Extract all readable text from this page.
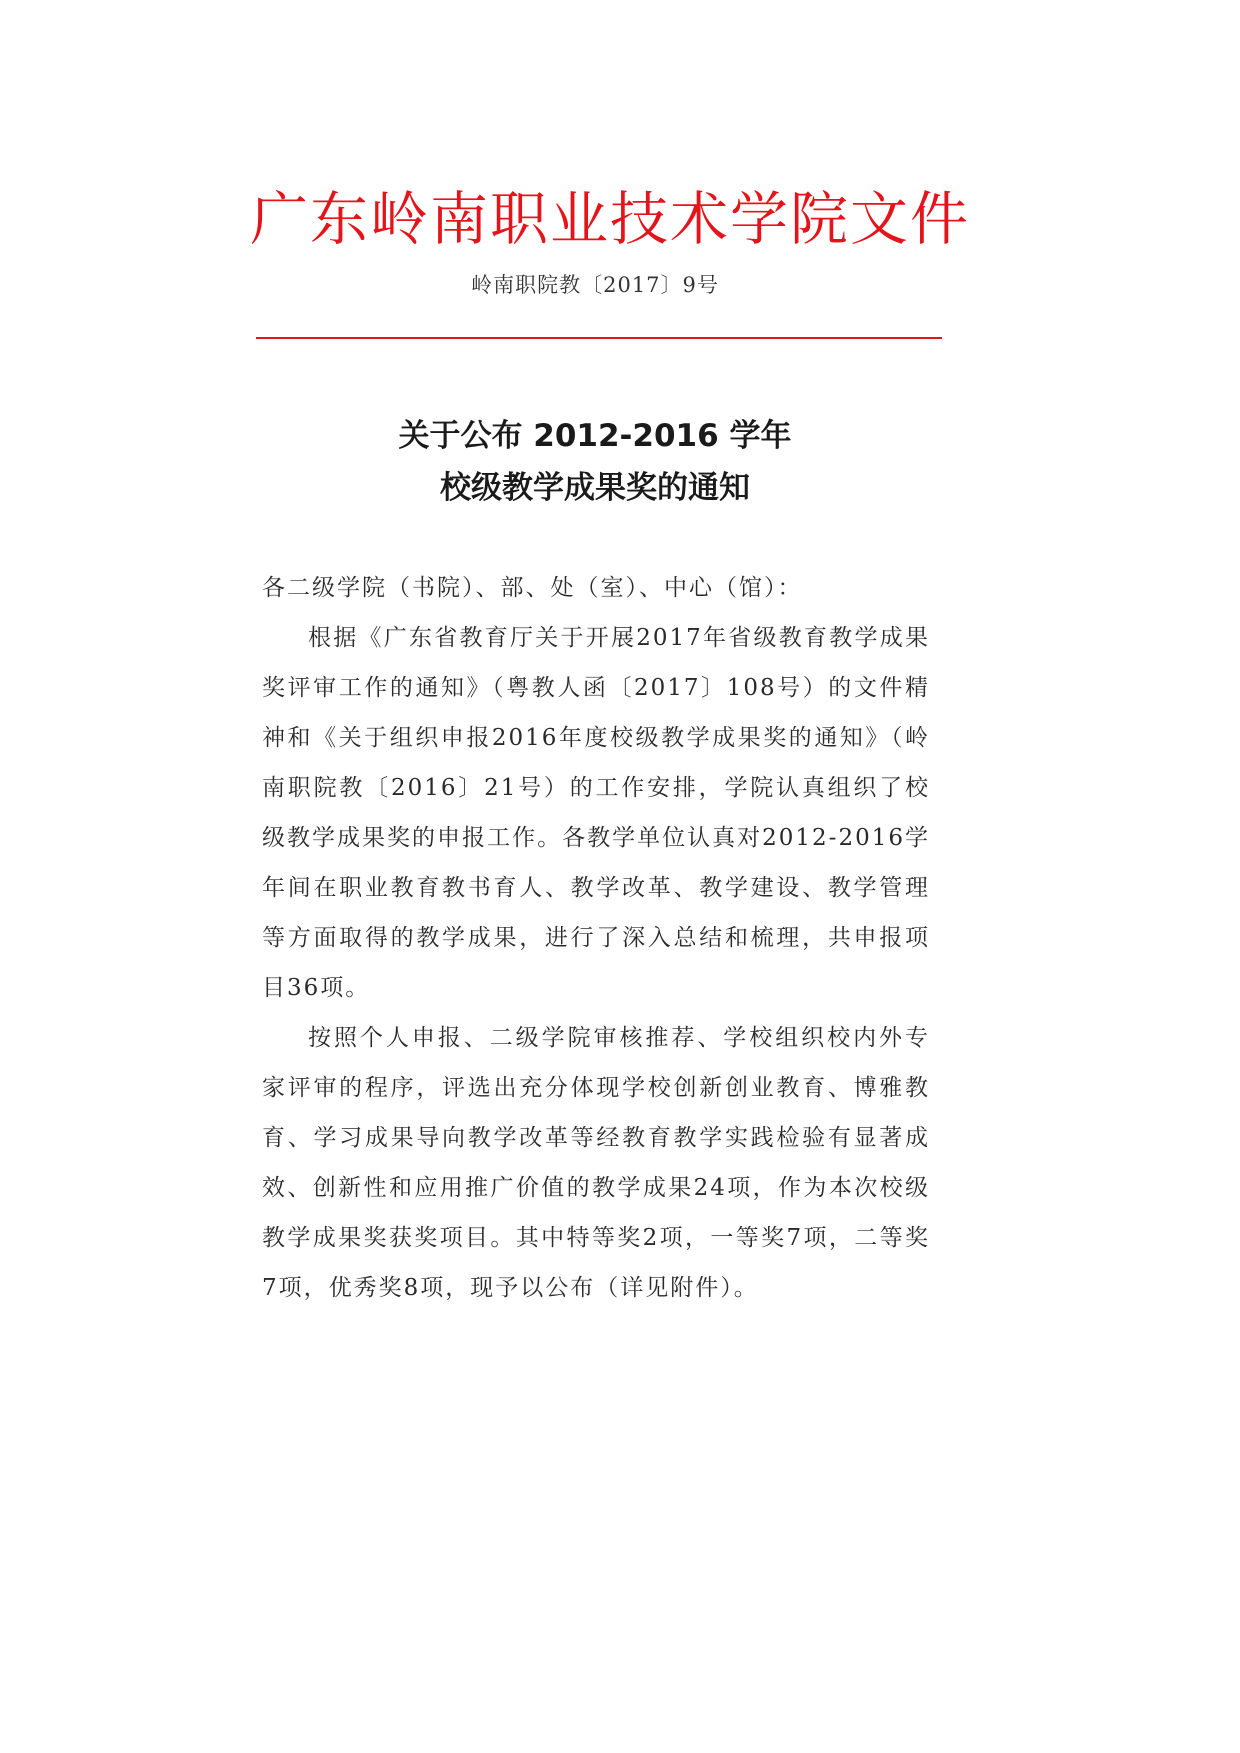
广东岭南职业技术学院文件
岭南职院教〔2017〕9号
关于公布 2012-2016 学年
校级教学成果奖的通知

各二级学院（书院）、部、处（室）、中心（馆）：

根据《广东省教育厅关于开展2017年省级教育教学成果奖评审工作的通知》（粤教人函〔2017〕108号）的文件精神和《关于组织申报2016年度校级教学成果奖的通知》（岭南职院教〔2016〕21号）的工作安排，学院认真组织了校级教学成果奖的申报工作。各教学单位认真对2012-2016学年间在职业教育教书育人、教学改革、教学建设、教学管理等方面取得的教学成果，进行了深入总结和梳理，共申报项目36项。

按照个人申报、二级学院审核推荐、学校组织校内外专家评审的程序，评选出充分体现学校创新创业教育、博雅教育、学习成果导向教学改革等经教育教学实践检验有显著成效、创新性和应用推广价值的教学成果24项，作为本次校级教学成果奖获奖项目。其中特等奖2项，一等奖7项，二等奖7项，优秀奖8项，现予以公布（详见附件）。
